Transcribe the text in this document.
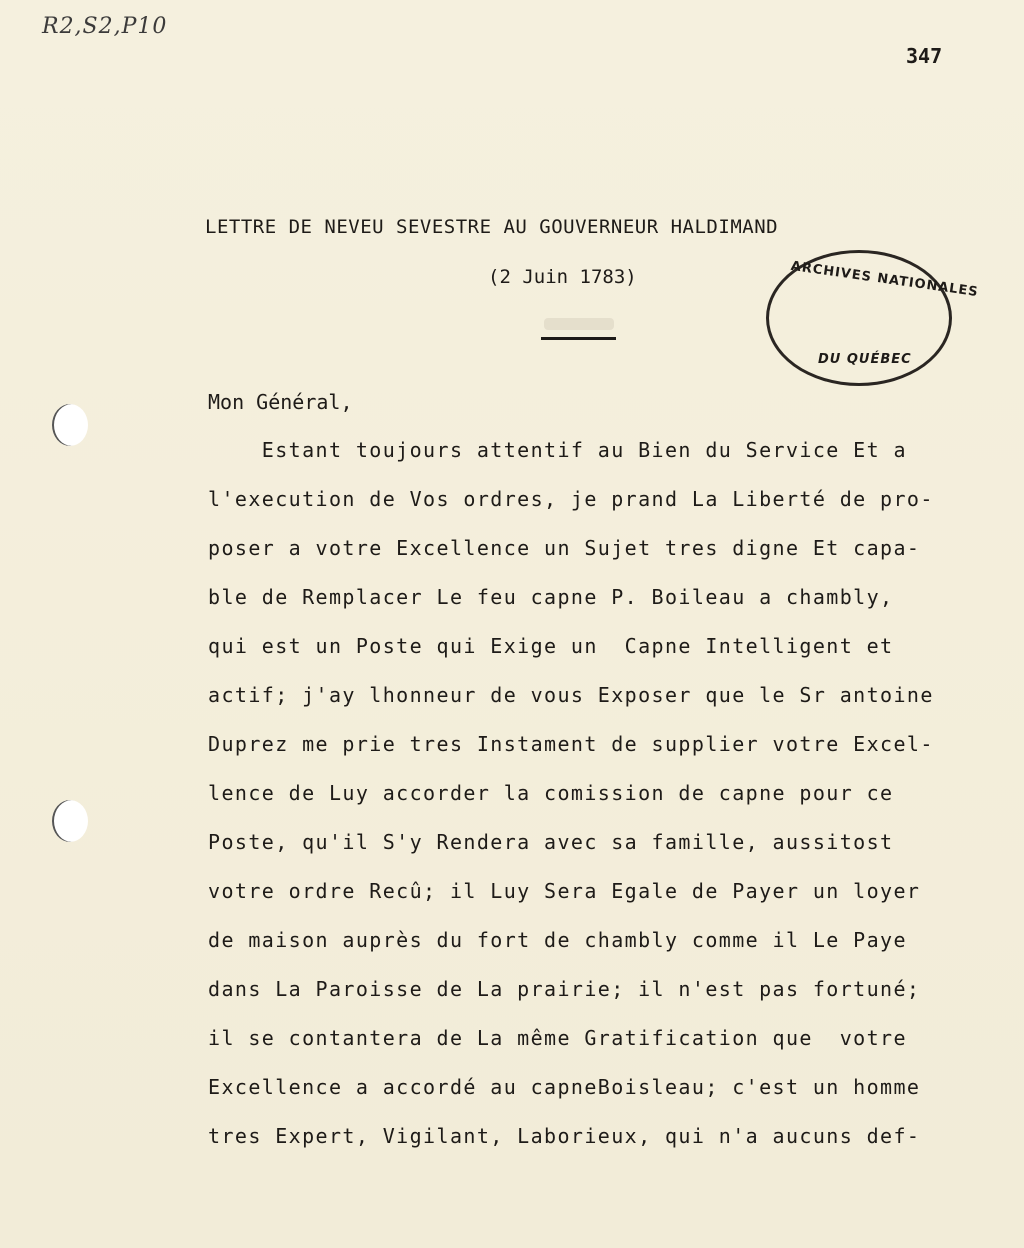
R2,S2,P10
347
LETTRE DE NEVEU SEVESTRE AU GOUVERNEUR HALDIMAND
(2 Juin 1783)	ARCHIVES NATIONALES
DU QUÉBEC
Mon Général,
Estant toujours attentif au Bien du Service Et a
l'execution de Vos ordres, je prand La Liberté de pro-
poser a votre Excellence un Sujet tres digne Et capa-
ble de Remplacer Le feu capne P. Boileau a chambly,
qui est un Poste qui Exige un  Capne Intelligent et
actif; j'ay lhonneur de vous Exposer que le Sr antoine
Duprez me prie tres Instament de supplier votre Excel-
lence de Luy accorder la comission de capne pour ce
Poste, qu'il S'y Rendera avec sa famille, aussitost
votre ordre Recû; il Luy Sera Egale de Payer un loyer
de maison auprès du fort de chambly comme il Le Paye
dans La Paroisse de La prairie; il n'est pas fortuné;
il se contantera de La même Gratification que  votre
Excellence a accordé au capneBoisleau; c'est un homme
tres Expert, Vigilant, Laborieux, qui n'a aucuns def-
